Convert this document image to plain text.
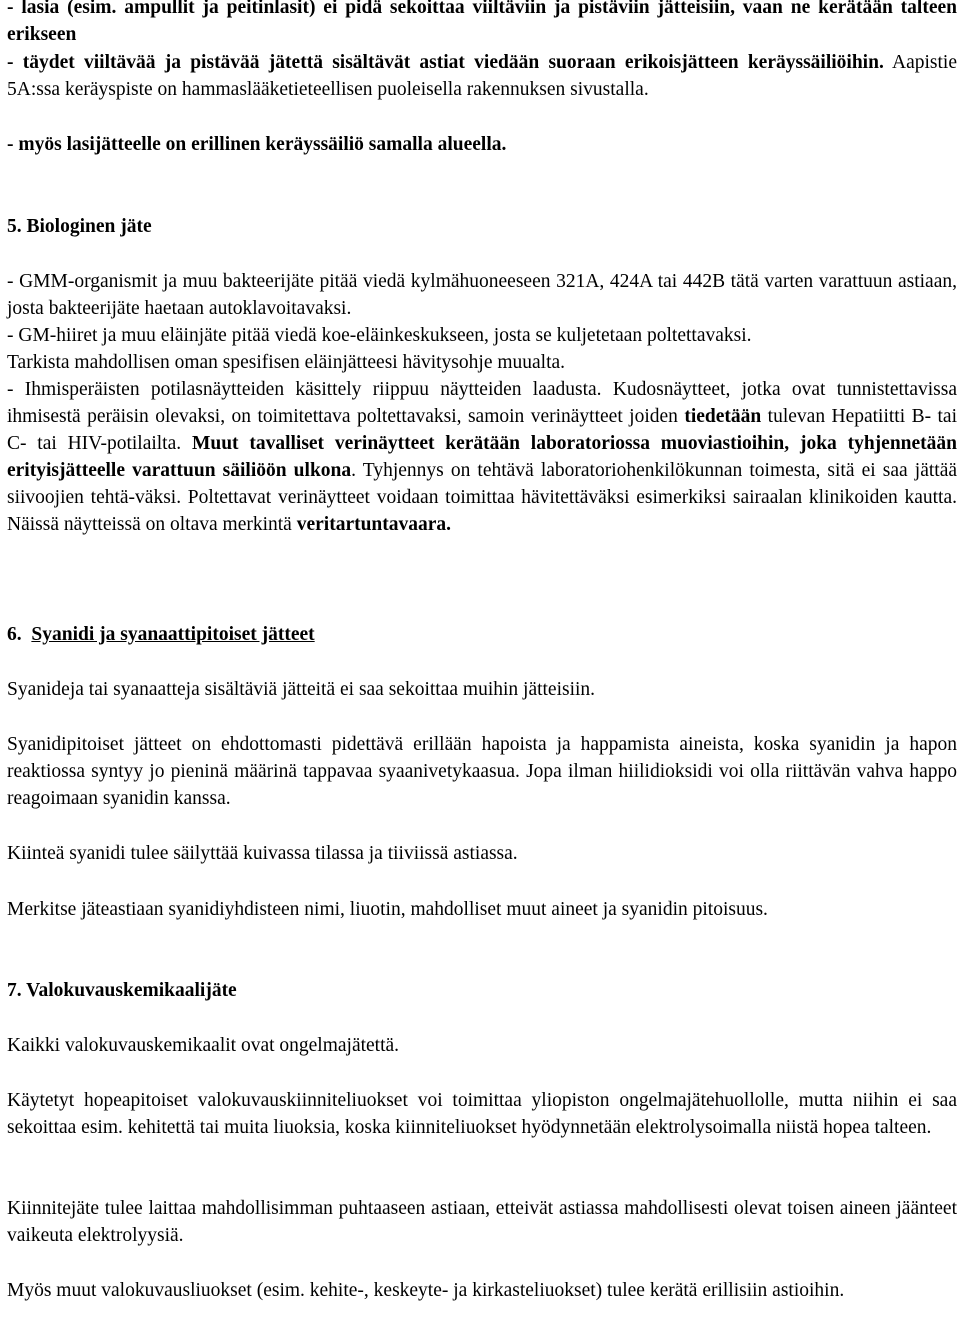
- lasia (esim. ampullit ja peitinlasit) ei pidä sekoittaa viiltäviin ja pistäviin jätteisiin, vaan ne kerätään talteen erikseen

- täydet viiltävää ja pistävää jätettä sisältävät astiat viedään suoraan erikoisjätteen keräyssäiliöihin. Aapistie 5A:ssa keräyspiste on hammaslääketieteellisen puoleisella rakennuksen sivustalla.

- myös lasijätteelle on erillinen keräyssäiliö samalla alueella.

5. Biologinen jäte

- GMM-organismit ja muu bakteerijäte pitää viedä kylmähuoneeseen 321A, 424A tai 442B tätä varten varattuun astiaan, josta bakteerijäte haetaan autoklavoitavaksi.

- GM-hiiret ja muu eläinjäte pitää viedä koe-eläinkeskukseen, josta se kuljetetaan poltettavaksi.

Tarkista mahdollisen oman spesifisen eläinjätteesi hävitysohje muualta.

- Ihmisperäisten potilasnäytteiden käsittely riippuu näytteiden laadusta. Kudosnäytteet, jotka ovat tunnistettavissa ihmisestä peräisin olevaksi, on toimitettava poltettavaksi, samoin verinäytteet joiden tiedetään tulevan Hepatiitti B- tai C- tai HIV-potilailta. Muut tavalliset verinäytteet kerätään laboratoriossa muoviastioihin, joka tyhjennetään erityisjätteelle varattuun säiliöön ulkona. Tyhjennys on tehtävä laboratoriohenkilökunnan toimesta, sitä ei saa jättää siivoojien tehtä-väksi. Poltettavat verinäytteet voidaan toimittaa hävitettäväksi esimerkiksi sairaalan klinikoiden kautta. Näissä näytteissä on oltava merkintä veritartuntavaara.

6. Syanidi ja syanaattipitoiset jätteet

Syanideja tai syanaatteja sisältäviä jätteitä ei saa sekoittaa muihin jätteisiin.

Syanidipitoiset jätteet on ehdottomasti pidettävä erillään hapoista ja happamista aineista, koska syanidin ja hapon reaktiossa syntyy jo pieninä määrinä tappavaa syaanivetykaasua. Jopa ilman hiilidioksidi voi olla riittävän vahva happo reagoimaan syanidin kanssa.

Kiinteä syanidi tulee säilyttää kuivassa tilassa ja tiiviissä astiassa.

Merkitse jäteastiaan syanidiyhdisteen nimi, liuotin, mahdolliset muut aineet ja syanidin pitoisuus.

7. Valokuvauskemikaalijäte

Kaikki valokuvauskemikaalit ovat ongelmajätettä.

Käytetyt hopeapitoiset valokuvauskiinniteliuokset voi toimittaa yliopiston ongelmajätehuollolle, mutta niihin ei saa sekoittaa esim. kehitettä tai muita liuoksia, koska kiinniteliuokset hyödynnetään elektrolysoimalla niistä hopea talteen.

Kiinnitejäte tulee laittaa mahdollisimman puhtaaseen astiaan, etteivät astiassa mahdollisesti olevat toisen aineen jäänteet vaikeuta elektrolyysiä.

Myös muut valokuvausliuokset (esim. kehite-, keskeyte- ja kirkasteliuokset) tulee kerätä erillisiin astioihin.
